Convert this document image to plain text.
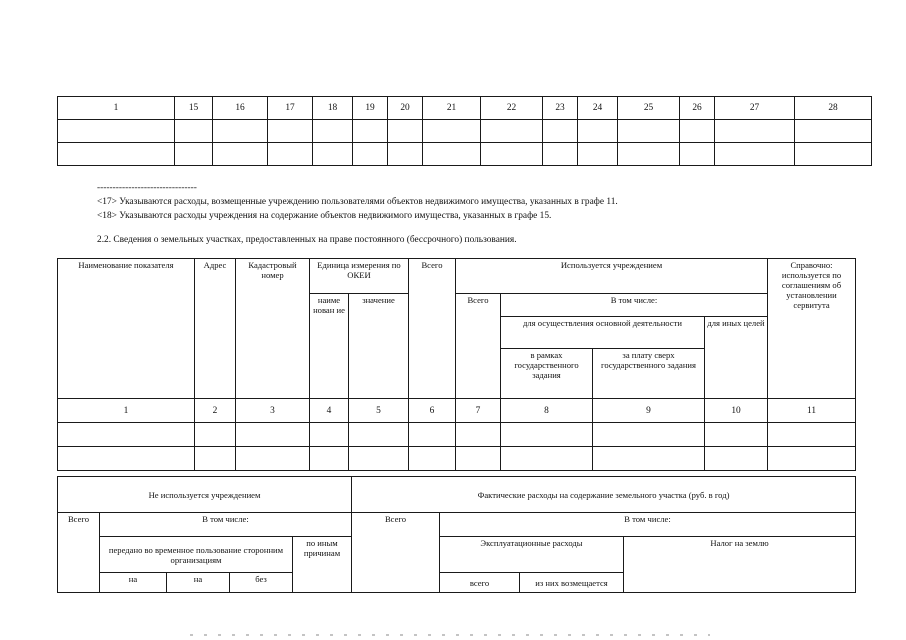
1	15	16	17	18	19	20	21	22	23	24	25	26	27	28

--------------------------------
<17> Указываются расходы, возмещенные учреждению пользователями объектов недвижимого имущества, указанных в графе 11.
<18> Указываются расходы учреждения на содержание объектов недвижимого имущества, указанных в графе 15.
2.2. Сведения о земельных участках, предоставленных на праве постоянного (бессрочного) пользования.
Наименование показателя	Адрес	Кадастровый номер	Единица измерения по ОКЕИ		Всего	Используется учреждением				Справочно: используется по соглашениям об установлении сервитута
			наиме нован ие	значение		Всего	В том числе:			
							для осуществления основной деятельности		для иных целей	
							в рамках государственного задания	за плату сверх государственного задания		
1	2	3	4	5	6	7	8	9	10	11

Не используется учреждением					Фактические расходы на содержание земельного участка (руб. в год)			
Всего	В том числе:				Всего	В том числе:		
	передано во временное пользование сторонним организациям			по иным причинам		Эксплуатационные расходы		Налог на землю
	на	на	без			всего	из них возмещается	
